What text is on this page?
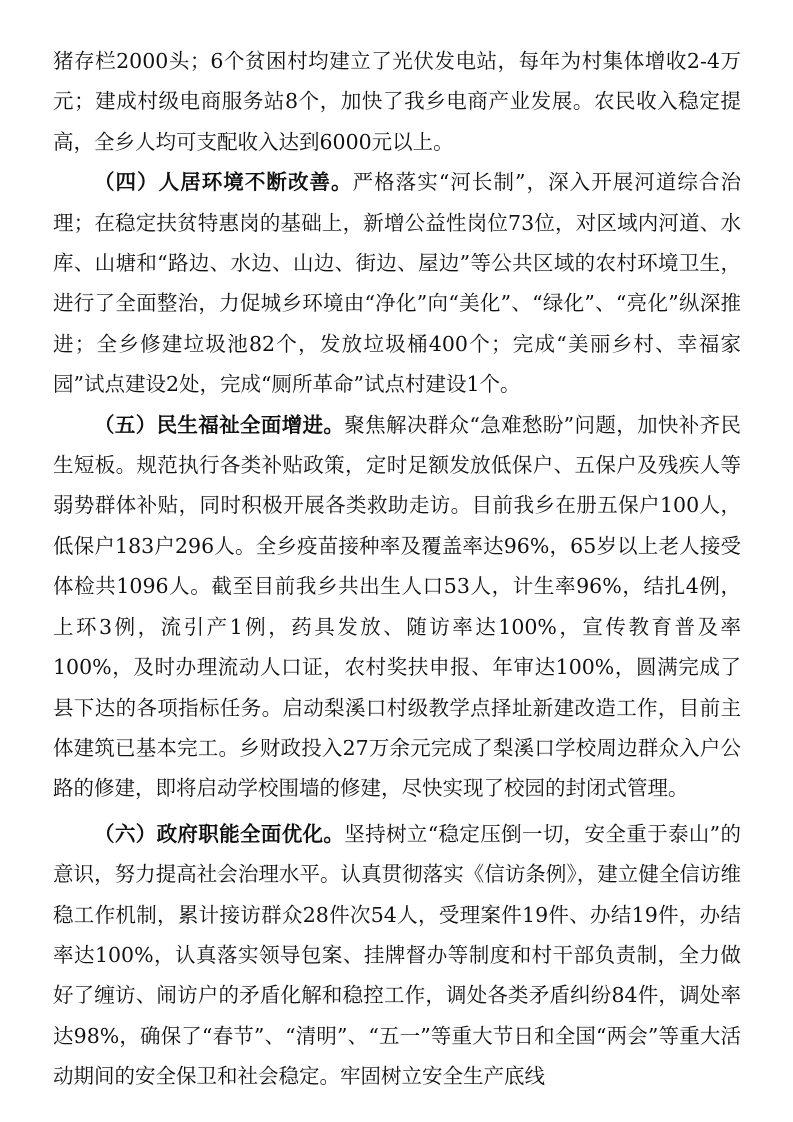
猪存栏2000头；6个贫困村均建立了光伏发电站，每年为村集体增收2-4万元；建成村级电商服务站8个，加快了我乡电商产业发展。农民收入稳定提高，全乡人均可支配收入达到6000元以上。

（四）人居环境不断改善。严格落实“河长制”，深入开展河道综合治理；在稳定扶贫特惠岗的基础上，新增公益性岗位73位，对区域内河道、水库、山塘和“路边、水边、山边、街边、屋边”等公共区域的农村环境卫生，进行了全面整治，力促城乡环境由“净化”向“美化”、“绿化”、“亮化”纵深推进；全乡修建垃圾池82个，发放垃圾桶400个；完成“美丽乡村、幸福家园”试点建设2处，完成“厕所革命”试点村建设1个。

（五）民生福祉全面增进。聚焦解决群众“急难愁盼”问题，加快补齐民生短板。规范执行各类补贴政策，定时足额发放低保户、五保户及残疾人等弱势群体补贴，同时积极开展各类救助走访。目前我乡在册五保户100人，低保户183户296人。全乡疫苗接种率及覆盖率达96%，65岁以上老人接受体检共1096人。截至目前我乡共出生人口53人，计生率96%，结扎4例，上环3例，流引产1例，药具发放、随访率达100%，宣传教育普及率100%，及时办理流动人口证，农村奖扶申报、年审达100%，圆满完成了县下达的各项指标任务。启动梨溪口村级教学点择址新建改造工作，目前主体建筑已基本完工。乡财政投入27万余元完成了梨溪口学校周边群众入户公路的修建，即将启动学校围墙的修建，尽快实现了校园的封闭式管理。

（六）政府职能全面优化。坚持树立“稳定压倒一切，安全重于泰山”的意识，努力提高社会治理水平。认真贯彻落实《信访条例》，建立健全信访维稳工作机制，累计接访群众28件次54人，受理案件19件、办结19件，办结率达100%，认真落实领导包案、挂牌督办等制度和村干部负责制，全力做好了缠访、闹访户的矛盾化解和稳控工作，调处各类矛盾纠纷84件，调处率达98%，确保了“春节”、“清明”、“五一”等重大节日和全国“两会”等重大活动期间的安全保卫和社会稳定。牢固树立安全生产底线
